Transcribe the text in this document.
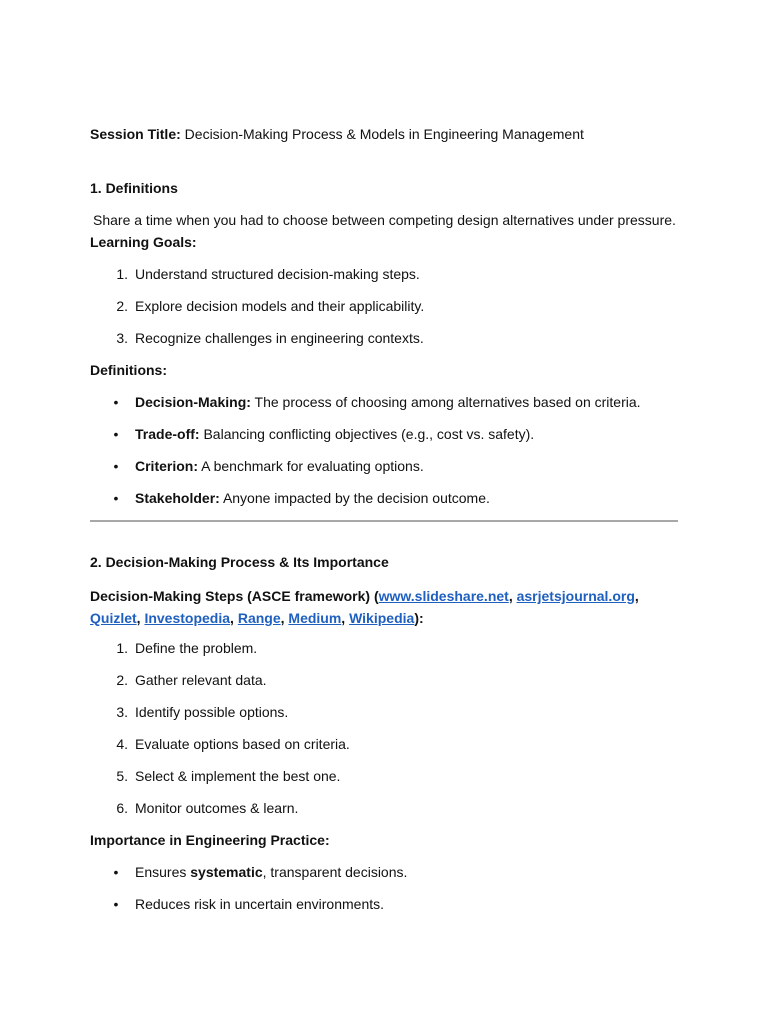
Session Title: Decision-Making Process & Models in Engineering Management
1. Definitions
Share a time when you had to choose between competing design alternatives under pressure.
Learning Goals:
1. Understand structured decision-making steps.
2. Explore decision models and their applicability.
3. Recognize challenges in engineering contexts.
Definitions:
• Decision-Making: The process of choosing among alternatives based on criteria.
• Trade-off: Balancing conflicting objectives (e.g., cost vs. safety).
• Criterion: A benchmark for evaluating options.
• Stakeholder: Anyone impacted by the decision outcome.
2. Decision-Making Process & Its Importance
Decision-Making Steps (ASCE framework) (www.slideshare.net, asrjetsjournal.org, Quizlet, Investopedia, Range, Medium, Wikipedia):
1. Define the problem.
2. Gather relevant data.
3. Identify possible options.
4. Evaluate options based on criteria.
5. Select & implement the best one.
6. Monitor outcomes & learn.
Importance in Engineering Practice:
• Ensures systematic, transparent decisions.
• Reduces risk in uncertain environments.
